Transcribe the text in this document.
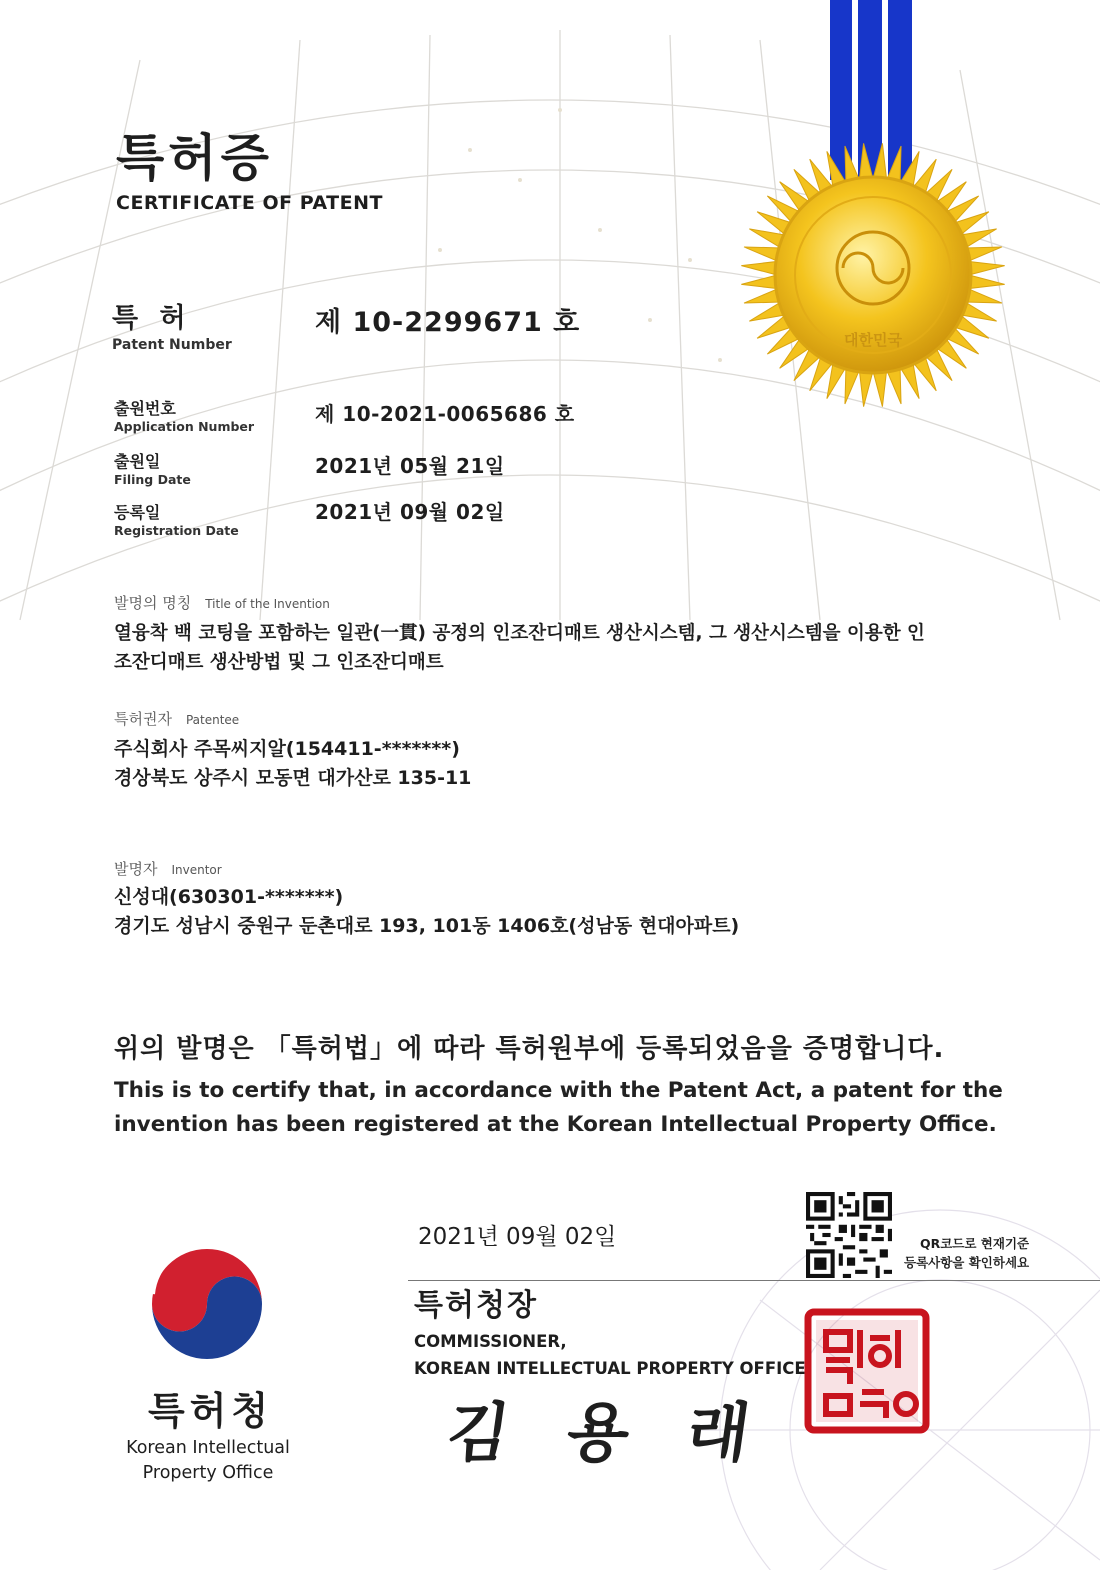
대한민국
특허증
CERTIFICATE OF PATENT
특 허
Patent Number
제 10-2299671 호
출원번호
Application Number
제 10-2021-0065686 호
출원일
Filing Date
2021년 05월 21일
등록일
Registration Date
2021년 09월 02일
발명의 명칭 Title of the Invention
열융착 백 코팅을 포함하는 일관(一貫) 공정의 인조잔디매트 생산시스템, 그 생산시스템을 이용한 인
조잔디매트 생산방법 및 그 인조잔디매트
특허권자 Patentee
주식회사 주목씨지알(154411-*******)
경상북도 상주시 모동면 대가산로 135-11
발명자 Inventor
신성대(630301-*******)
경기도 성남시 중원구 둔촌대로 193, 101동 1406호(성남동 현대아파트)
위의 발명은 「특허법」에 따라 특허원부에 등록되었음을 증명합니다.
This is to certify that, in accordance with the Patent Act, a patent for the
invention has been registered at the Korean Intellectual Property Office.
2021년 09월 02일	QR코드로 현재기준
등록사항을 확인하세요
특허청
Korean Intellectual
Property Office
특허청장
COMMISSIONER,
KOREAN INTELLECTUAL PROPERTY OFFICE
김 용 래
